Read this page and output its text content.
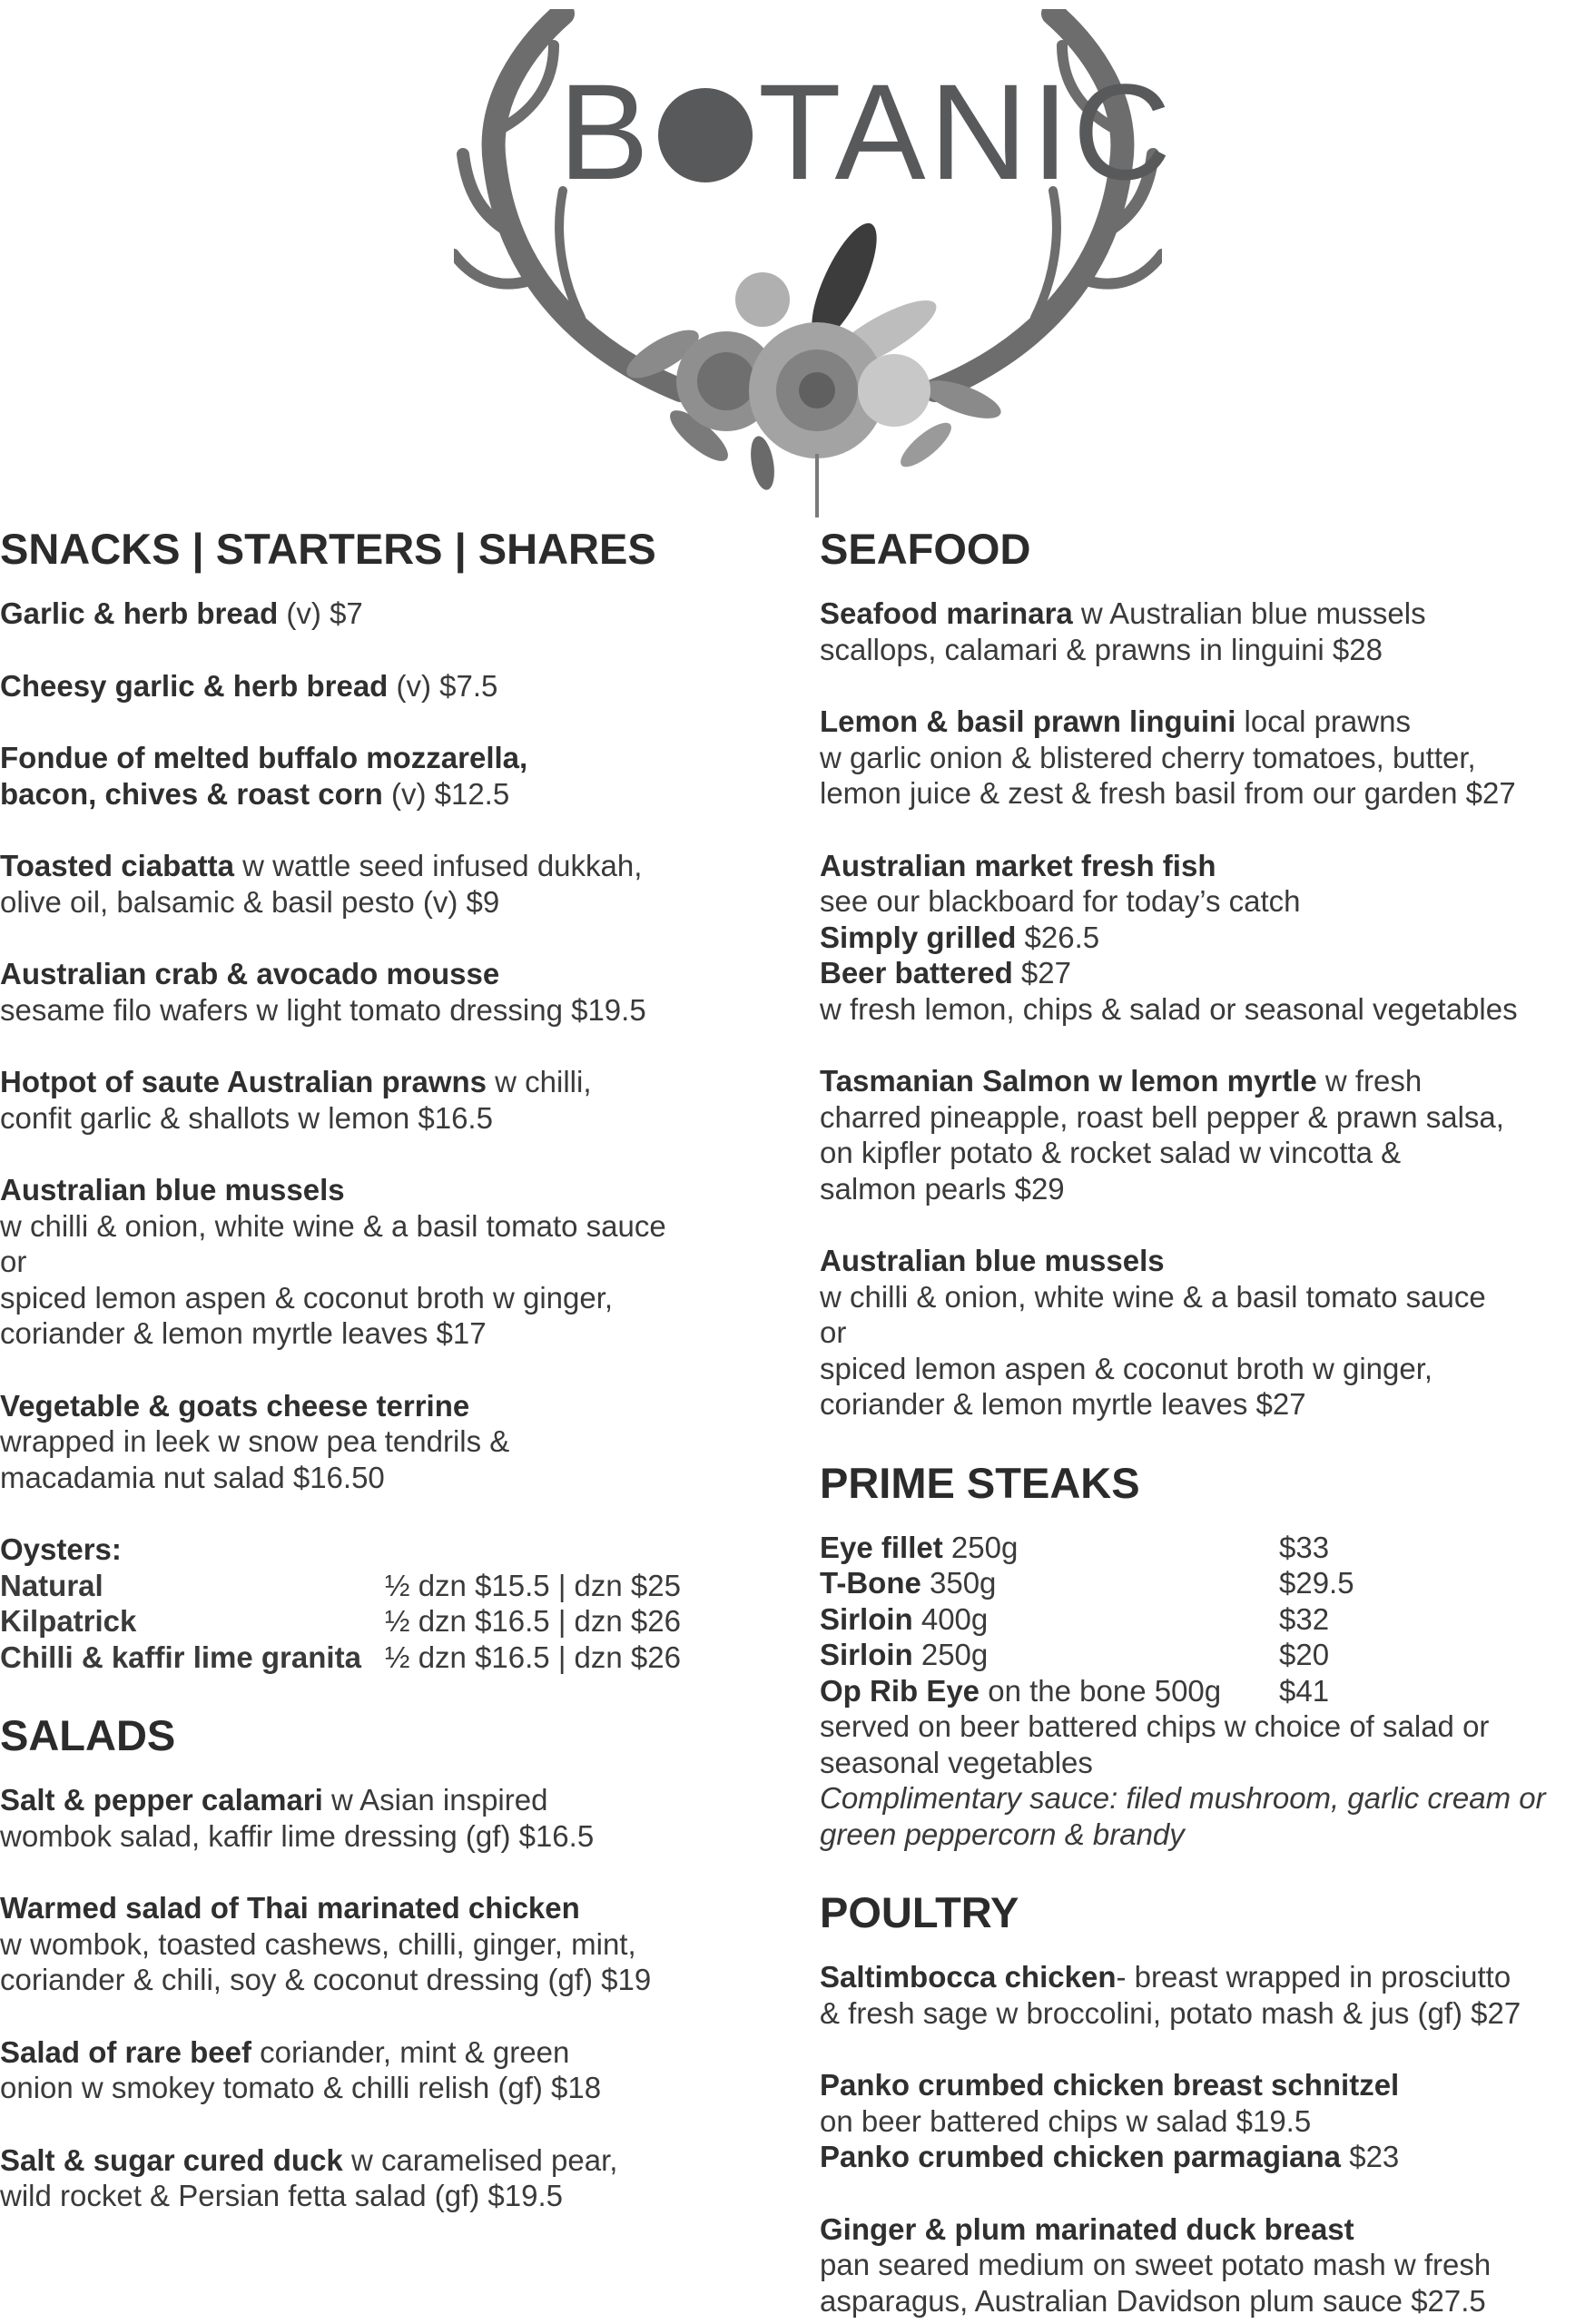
B TANIC
SNACKS | STARTERS | SHARES
Garlic & herb bread (v) $7
Cheesy garlic & herb bread (v) $7.5
Fondue of melted buffalo mozzarella,
bacon, chives & roast corn (v) $12.5
Toasted ciabatta w wattle seed infused dukkah,
olive oil, balsamic & basil pesto (v) $9
Australian crab & avocado mousse
sesame filo wafers w light tomato dressing $19.5
Hotpot of saute Australian prawns w chilli,
confit garlic & shallots w lemon $16.5
Australian blue mussels
w chilli & onion, white wine & a basil tomato sauce
or
spiced lemon aspen & coconut broth w ginger,
coriander & lemon myrtle leaves $17
Vegetable & goats cheese terrine
wrapped in leek w snow pea tendrils &
macadamia nut salad $16.50
Oysters:
Natural	½ dzn $15.5 | dzn $25
Kilpatrick	½ dzn $16.5 | dzn $26
Chilli & kaffir lime granita ½ dzn $16.5 | dzn $26
SALADS
Salt & pepper calamari w Asian inspired
wombok salad, kaffir lime dressing (gf) $16.5
Warmed salad of Thai marinated chicken
w wombok, toasted cashews, chilli, ginger, mint,
coriander & chili, soy & coconut dressing (gf) $19
Salad of rare beef coriander, mint & green
onion w smokey tomato & chilli relish (gf) $18
Salt & sugar cured duck w caramelised pear,
wild rocket & Persian fetta salad (gf) $19.5
SEAFOOD
Seafood marinara w Australian blue mussels
scallops, calamari & prawns in linguini $28
Lemon & basil prawn linguini local prawns
w garlic onion & blistered cherry tomatoes, butter,
lemon juice & zest & fresh basil from our garden $27
Australian market fresh fish
see our blackboard for today’s catch
Simply grilled $26.5
Beer battered $27
w fresh lemon, chips & salad or seasonal vegetables
Tasmanian Salmon w lemon myrtle w fresh
charred pineapple, roast bell pepper & prawn salsa,
on kipfler potato & rocket salad w vincotta &
salmon pearls $29
Australian blue mussels
w chilli & onion, white wine & a basil tomato sauce
or
spiced lemon aspen & coconut broth w ginger,
coriander & lemon myrtle leaves $27
PRIME STEAKS
Eye fillet 250g	$33
T-Bone 350g	$29.5
Sirloin 400g	$32
Sirloin 250g	$20
Op Rib Eye on the bone 500g	$41
served on beer battered chips w choice of salad or
seasonal vegetables
Complimentary sauce: filed mushroom, garlic cream or
green peppercorn & brandy
POULTRY
Saltimbocca chicken- breast wrapped in prosciutto
& fresh sage w broccolini, potato mash & jus (gf) $27
Panko crumbed chicken breast schnitzel
on beer battered chips w salad $19.5
Panko crumbed chicken parmagiana $23
Ginger & plum marinated duck breast
pan seared medium on sweet potato mash w fresh
asparagus, Australian Davidson plum sauce $27.5
